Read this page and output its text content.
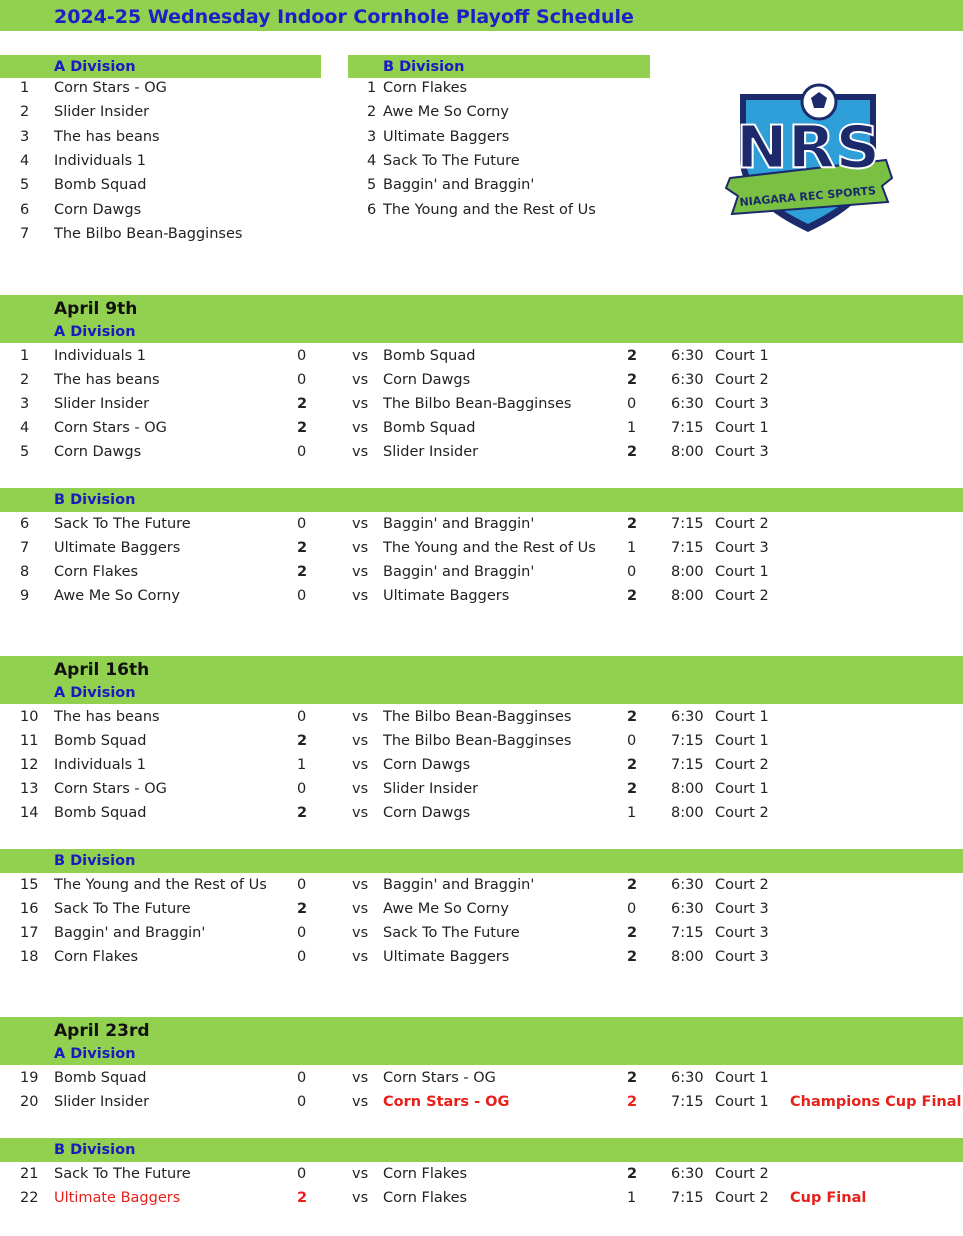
2024-25 Wednesday Indoor Cornhole Playoff Schedule
A Division	B Division
1 Corn Stars - OG
2 Slider Insider
3 The has beans
4 Individuals 1
5 Bomb Squad
6 Corn Dawgs
7 The Bilbo Bean-Bagginses
1 Corn Flakes
2 Awe Me So Corny
3 Ultimate Baggers
4 Sack To The Future
5 Baggin' and Braggin'
6 The Young and the Rest of Us
NRS
NIAGARA REC SPORTS
April 9th
A Division
1 Individuals 1	0	vs Bomb Squad	2 6:30 Court 1
2 The has beans	0	vs Corn Dawgs	2 6:30 Court 2
3 Slider Insider	2	vs The Bilbo Bean-Bagginses	0 6:30 Court 3
4 Corn Stars - OG	2	vs Bomb Squad	1 7:15 Court 1
5 Corn Dawgs	0	vs Slider Insider	2 8:00 Court 3
B Division
6 Sack To The Future	0	vs Baggin' and Braggin'	2 7:15 Court 2
7 Ultimate Baggers	2	vs The Young and the Rest of Us 1 7:15 Court 3
8 Corn Flakes	2	vs Baggin' and Braggin'	0 8:00 Court 1
9 Awe Me So Corny	0	vs Ultimate Baggers	2 8:00 Court 2
April 16th
A Division
10 The has beans	0	vs The Bilbo Bean-Bagginses	2 6:30 Court 1
11 Bomb Squad	2	vs The Bilbo Bean-Bagginses	0 7:15 Court 1
12 Individuals 1	1	vs Corn Dawgs	2 7:15 Court 2
13 Corn Stars - OG	0	vs Slider Insider	2 8:00 Court 1
14 Bomb Squad	2	vs Corn Dawgs	1 8:00 Court 2
B Division
15 The Young and the Rest of Us 0	vs Baggin' and Braggin'	2 6:30 Court 2
16 Sack To The Future	2	vs Awe Me So Corny	0 6:30 Court 3
17 Baggin' and Braggin'	0	vs Sack To The Future	2 7:15 Court 3
18 Corn Flakes	0	vs Ultimate Baggers	2 8:00 Court 3
April 23rd
A Division
19 Bomb Squad	0	vs Corn Stars - OG	2 6:30 Court 1
20 Slider Insider	0	vs Corn Stars - OG	2 7:15 Court 1 Champions Cup Final
B Division
21 Sack To The Future	0	vs Corn Flakes	2 6:30 Court 2
22 Ultimate Baggers	2	vs Corn Flakes	1 7:15 Court 2 Cup Final
